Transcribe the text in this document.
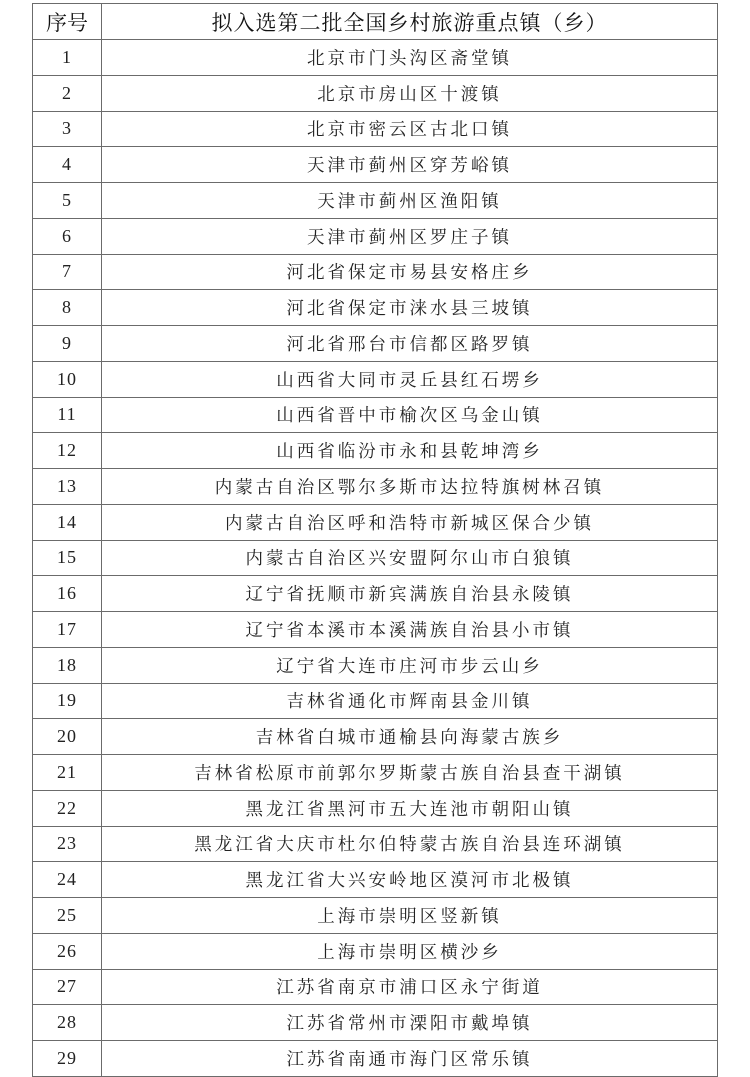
序号	拟入选第二批全国乡村旅游重点镇（乡）
1	北京市门头沟区斋堂镇
2	北京市房山区十渡镇
3	北京市密云区古北口镇
4	天津市蓟州区穿芳峪镇
5	天津市蓟州区渔阳镇
6	天津市蓟州区罗庄子镇
7	河北省保定市易县安格庄乡
8	河北省保定市涞水县三坡镇
9	河北省邢台市信都区路罗镇
10	山西省大同市灵丘县红石塄乡
11	山西省晋中市榆次区乌金山镇
12	山西省临汾市永和县乾坤湾乡
13	内蒙古自治区鄂尔多斯市达拉特旗树林召镇
14	内蒙古自治区呼和浩特市新城区保合少镇
15	内蒙古自治区兴安盟阿尔山市白狼镇
16	辽宁省抚顺市新宾满族自治县永陵镇
17	辽宁省本溪市本溪满族自治县小市镇
18	辽宁省大连市庄河市步云山乡
19	吉林省通化市辉南县金川镇
20	吉林省白城市通榆县向海蒙古族乡
21	吉林省松原市前郭尔罗斯蒙古族自治县查干湖镇
22	黑龙江省黑河市五大连池市朝阳山镇
23	黑龙江省大庆市杜尔伯特蒙古族自治县连环湖镇
24	黑龙江省大兴安岭地区漠河市北极镇
25	上海市崇明区竖新镇
26	上海市崇明区横沙乡
27	江苏省南京市浦口区永宁街道
28	江苏省常州市溧阳市戴埠镇
29	江苏省南通市海门区常乐镇
